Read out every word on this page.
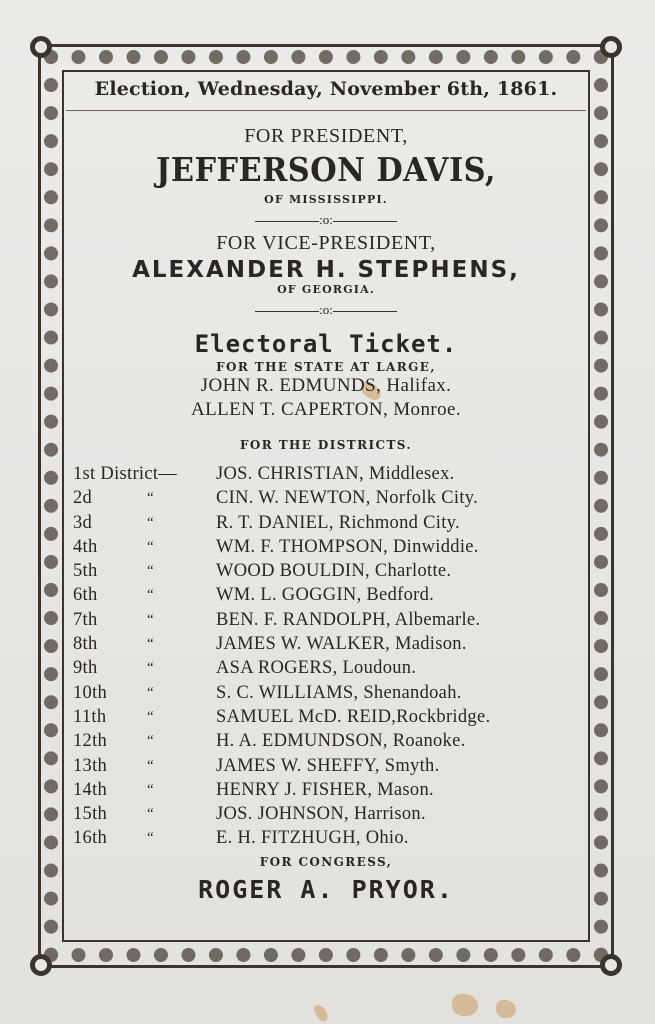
Election, Wednesday, November 6th, 1861.
FOR PRESIDENT,
JEFFERSON DAVIS,
OF MISSISSIPPI.
:o:
FOR VICE-PRESIDENT,
ALEXANDER H. STEPHENS,
OF GEORGIA.
:o:
Electoral Ticket.
FOR THE STATE AT LARGE,
JOHN R. EDMUNDS, Halifax.
ALLEN T. CAPERTON, Monroe.
FOR THE DISTRICTS.
1st District— JOS. CHRISTIAN, Middlesex.
2d	“	CIN. W. NEWTON, Norfolk City.
3d	“	R. T. DANIEL, Richmond City.
4th	“	WM. F. THOMPSON, Dinwiddie.
5th	“	WOOD BOULDIN, Charlotte.
6th	“	WM. L. GOGGIN, Bedford.
7th	“	BEN. F. RANDOLPH, Albemarle.
8th	“	JAMES W. WALKER, Madison.
9th	“	ASA ROGERS, Loudoun.
10th	“	S. C. WILLIAMS, Shenandoah.
11th	“	SAMUEL McD. REID,Rockbridge.
12th	“	H. A. EDMUNDSON, Roanoke.
13th	“	JAMES W. SHEFFY, Smyth.
14th	“	HENRY J. FISHER, Mason.
15th	“	JOS. JOHNSON, Harrison.
16th	“	E. H. FITZHUGH, Ohio.
FOR CONGRESS,
ROGER A. PRYOR.
